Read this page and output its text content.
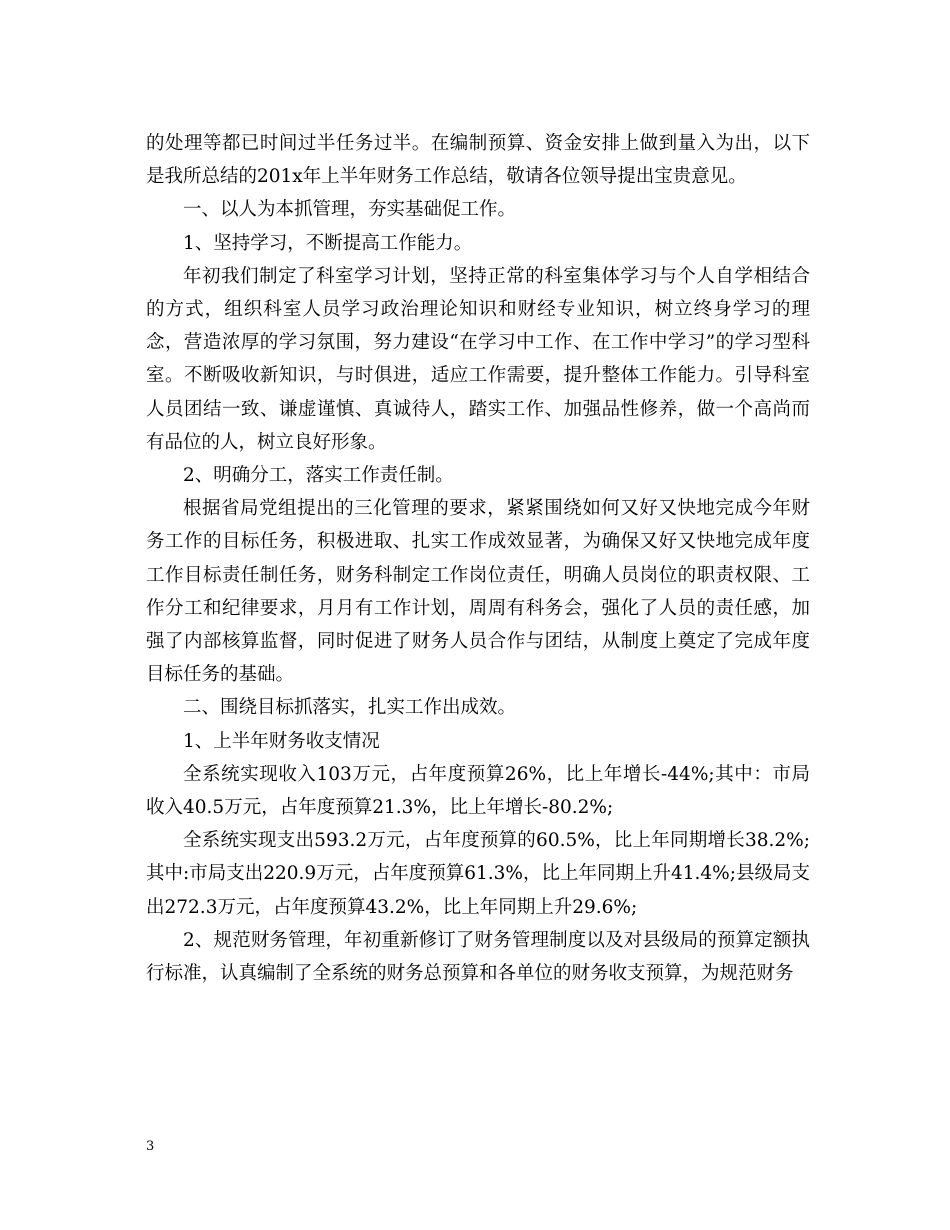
的处理等都已时间过半任务过半。在编制预算、资金安排上做到量入为出，以下是我所总结的201x年上半年财务工作总结，敬请各位领导提出宝贵意见。

一、以人为本抓管理，夯实基础促工作。

1、坚持学习，不断提高工作能力。

年初我们制定了科室学习计划，坚持正常的科室集体学习与个人自学相结合的方式，组织科室人员学习政治理论知识和财经专业知识，树立终身学习的理念，营造浓厚的学习氛围，努力建设“在学习中工作、在工作中学习”的学习型科室。不断吸收新知识，与时俱进，适应工作需要，提升整体工作能力。引导科室人员团结一致、谦虚谨慎、真诚待人，踏实工作、加强品性修养，做一个高尚而有品位的人，树立良好形象。

2、明确分工，落实工作责任制。

根据省局党组提出的三化管理的要求，紧紧围绕如何又好又快地完成今年财务工作的目标任务，积极进取、扎实工作成效显著，为确保又好又快地完成年度工作目标责任制任务，财务科制定工作岗位责任，明确人员岗位的职责权限、工作分工和纪律要求，月月有工作计划，周周有科务会，强化了人员的责任感，加强了内部核算监督，同时促进了财务人员合作与团结，从制度上奠定了完成年度目标任务的基础。

二、围绕目标抓落实，扎实工作出成效。

1、上半年财务收支情况

全系统实现收入103万元，占年度预算26%，比上年增长-44%;其中：市局收入40.5万元，占年度预算21.3%，比上年增长-80.2%;

全系统实现支出593.2万元，占年度预算的60.5%，比上年同期增长38.2%;其中:市局支出220.9万元，占年度预算61.3%，比上年同期上升41.4%;县级局支出272.3万元，占年度预算43.2%，比上年同期上升29.6%;

2、规范财务管理，年初重新修订了财务管理制度以及对县级局的预算定额执行标准，认真编制了全系统的财务总预算和各单位的财务收支预算，为规范财务

3
